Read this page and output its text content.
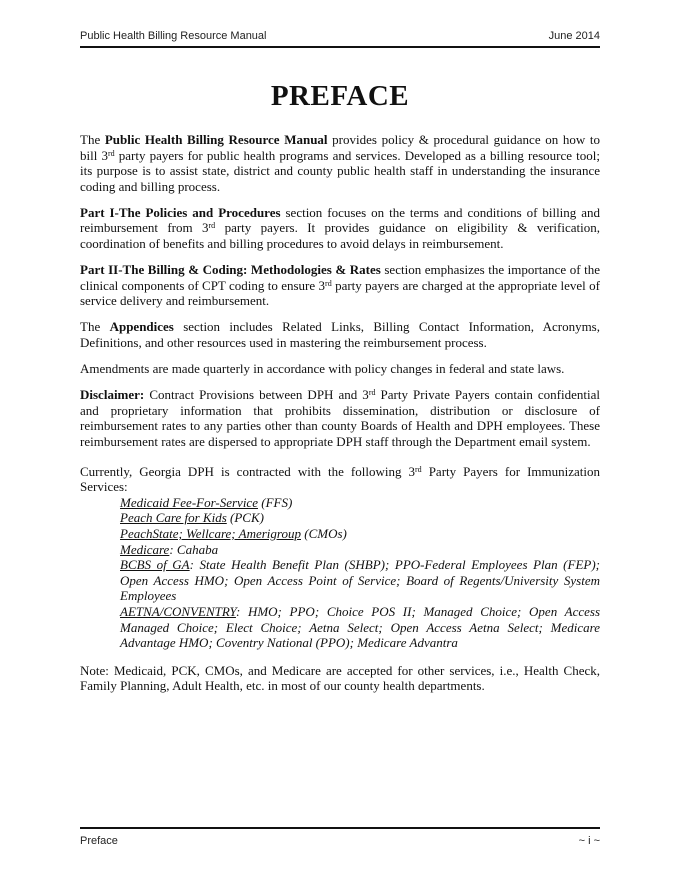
Public Health Billing Resource Manual	June 2014
PREFACE

The Public Health Billing Resource Manual provides policy & procedural guidance on how to bill 3rd party payers for public health programs and services. Developed as a billing resource tool; its purpose is to assist state, district and county public health staff in understanding the insurance coding and billing process.

Part I-The Policies and Procedures section focuses on the terms and conditions of billing and reimbursement from 3rd party payers. It provides guidance on eligibility & verification, coordination of benefits and billing procedures to avoid delays in reimbursement.

Part II-The Billing & Coding: Methodologies & Rates section emphasizes the importance of the clinical components of CPT coding to ensure 3rd party payers are charged at the appropriate level of service delivery and reimbursement.

The Appendices section includes Related Links, Billing Contact Information, Acronyms, Definitions, and other resources used in mastering the reimbursement process.

Amendments are made quarterly in accordance with policy changes in federal and state laws.

Disclaimer: Contract Provisions between DPH and 3rd Party Private Payers contain confidential and proprietary information that prohibits dissemination, distribution or disclosure of reimbursement rates to any parties other than county Boards of Health and DPH employees. These reimbursement rates are dispersed to appropriate DPH staff through the Department email system.

Currently, Georgia DPH is contracted with the following 3rd Party Payers for Immunization Services:

Medicaid Fee-For-Service (FFS)
Peach Care for Kids (PCK)
PeachState; Wellcare; Amerigroup (CMOs)
Medicare: Cahaba
BCBS of GA: State Health Benefit Plan (SHBP); PPO-Federal Employees Plan (FEP); Open Access HMO; Open Access Point of Service; Board of Regents/University System Employees
AETNA/CONVENTRY: HMO; PPO; Choice POS II; Managed Choice; Open Access Managed Choice; Elect Choice; Aetna Select; Open Access Aetna Select; Medicare Advantage HMO; Coventry National (PPO); Medicare Advantra

Note: Medicaid, PCK, CMOs, and Medicare are accepted for other services, i.e., Health Check, Family Planning, Adult Health, etc. in most of our county health departments.

Preface	~ i ~
